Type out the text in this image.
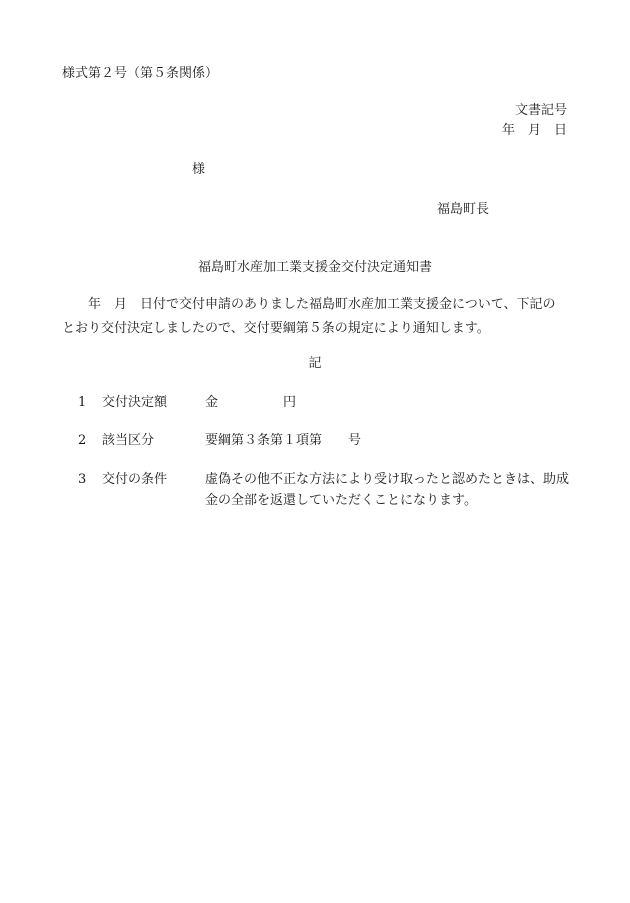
様式第２号（第５条関係）
文書記号
年　月　日
様
福島町長
福島町水産加工業支援金交付決定通知書
　　年　月　日付で交付申請のありました福島町水産加工業支援金について、下記のとおり交付決定しましたので、交付要綱第５条の規定により通知します。
記
1 交付決定額	金　　　　　円
2 該当区分	要綱第３条第１項第　　号
3 交付の条件	虚偽その他不正な方法により受け取ったと認めたときは、助成
金の全部を返還していただくことになります。
